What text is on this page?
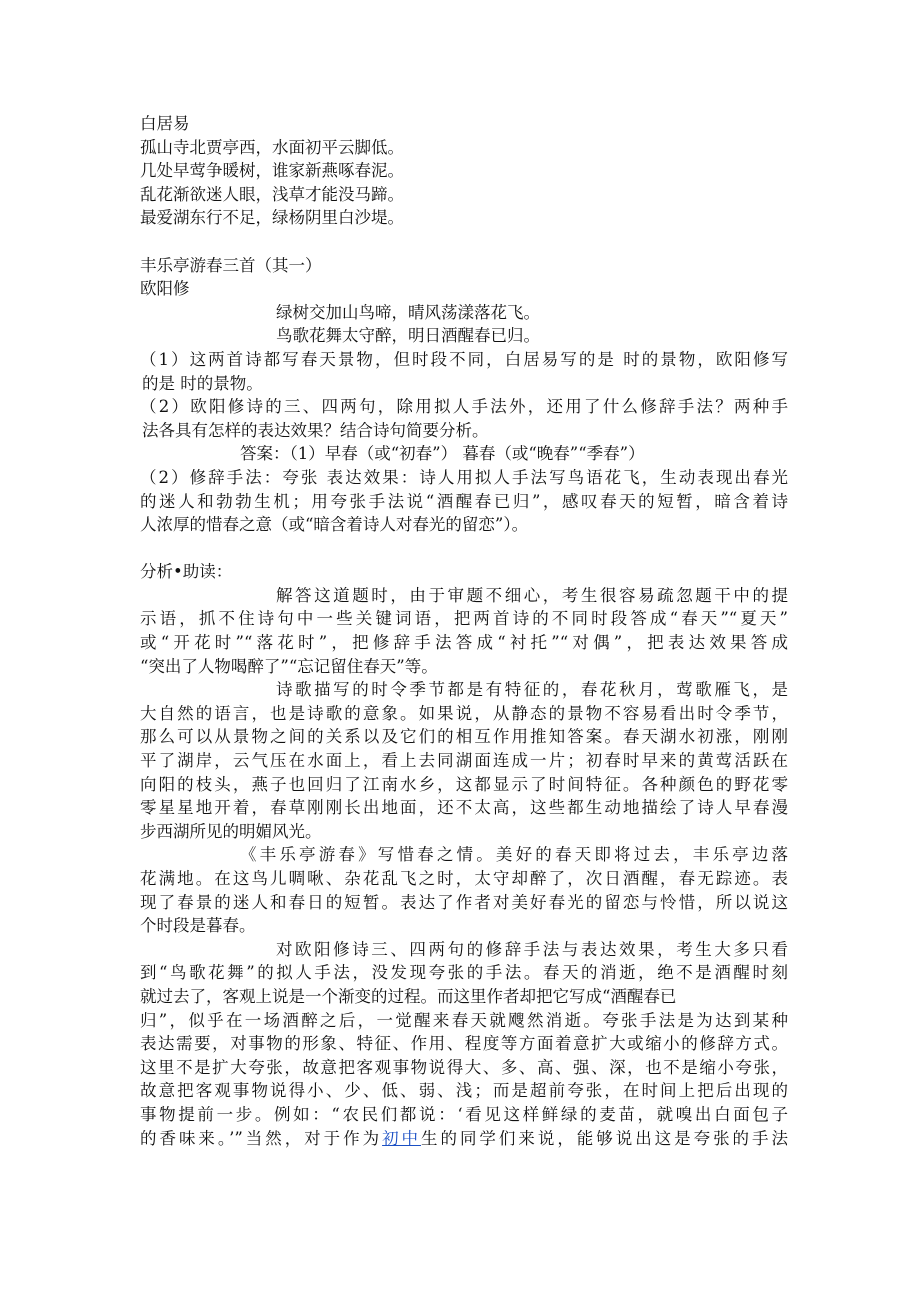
白居易
孤山寺北贾亭西，水面初平云脚低。
几处早莺争暖树，谁家新燕啄春泥。
乱花渐欲迷人眼，浅草才能没马蹄。
最爱湖东行不足，绿杨阴里白沙堤。
丰乐亭游春三首（其一）
欧阳修
绿树交加山鸟啼，晴风荡漾落花飞。
鸟歌花舞太守醉，明日酒醒春已归。
（1）这两首诗都写春天景物，但时段不同，白居易写的是 时的景物，欧阳修写
的是 时的景物。
（2）欧阳修诗的三、四两句，除用拟人手法外，还用了什么修辞手法？两种手
法各具有怎样的表达效果？结合诗句简要分析。
答案：（1）早春（或“初春”） 暮春（或“晚春”“季春”）
（2）修辞手法：夸张 表达效果：诗人用拟人手法写鸟语花飞，生动表现出春光
的迷人和勃勃生机；用夸张手法说“酒醒春已归”，感叹春天的短暂，暗含着诗
人浓厚的惜春之意（或“暗含着诗人对春光的留恋”）。
分析•助读：
解答这道题时，由于审题不细心，考生很容易疏忽题干中的提
示语，抓不住诗句中一些关键词语，把两首诗的不同时段答成“春天”“夏天”
或“开花时”“落花时”，把修辞手法答成“衬托”“对偶”，把表达效果答成
“突出了人物喝醉了”“忘记留住春天”等。
诗歌描写的时令季节都是有特征的，春花秋月，莺歌雁飞，是
大自然的语言，也是诗歌的意象。如果说，从静态的景物不容易看出时令季节，
那么可以从景物之间的关系以及它们的相互作用推知答案。春天湖水初涨，刚刚
平了湖岸，云气压在水面上，看上去同湖面连成一片；初春时早来的黄莺活跃在
向阳的枝头，燕子也回归了江南水乡，这都显示了时间特征。各种颜色的野花零
零星星地开着，春草刚刚长出地面，还不太高，这些都生动地描绘了诗人早春漫
步西湖所见的明媚风光。
《丰乐亭游春》写惜春之情。美好的春天即将过去，丰乐亭边落
花满地。在这鸟儿啁啾、杂花乱飞之时，太守却醉了，次日酒醒，春无踪迹。表
现了春景的迷人和春日的短暂。表达了作者对美好春光的留恋与怜惜，所以说这
个时段是暮春。
对欧阳修诗三、四两句的修辞手法与表达效果，考生大多只看
到“鸟歌花舞”的拟人手法，没发现夸张的手法。春天的消逝，绝不是酒醒时刻
就过去了，客观上说是一个渐变的过程。而这里作者却把它写成“酒醒春已
归”，似乎在一场酒醉之后，一觉醒来春天就飕然消逝。夸张手法是为达到某种
表达需要，对事物的形象、特征、作用、程度等方面着意扩大或缩小的修辞方式。
这里不是扩大夸张，故意把客观事物说得大、多、高、强、深，也不是缩小夸张，
故意把客观事物说得小、少、低、弱、浅；而是超前夸张，在时间上把后出现的
事物提前一步。例如：“农民们都说：‘看见这样鲜绿的麦苗，就嗅出白面包子
的香味来。’”当然，对于作为初中生的同学们来说，能够说出这是夸张的手法
